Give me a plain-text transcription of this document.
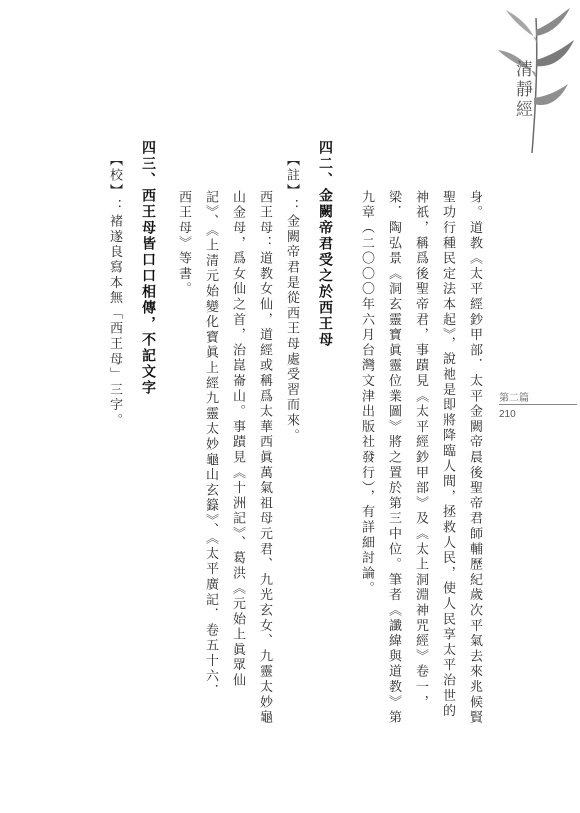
清靜經
第二篇
210
身。道教《太平經鈔甲部．太平金闕帝晨後聖帝君師輔歷紀歲次平氣去來兆候賢
聖功行種民定法本起》，說祂是即將降臨人間，拯救人民，使人民享太平治世的
神祇，稱爲後聖帝君，事蹟見《太平經鈔甲部》及《太上洞淵神咒經》卷一，
梁．陶弘景《洞玄靈寶眞靈位業圖》將之置於第三中位。筆者《讖緯與道教》第
九章（二〇〇〇年六月台灣文津出版社發行），有詳細討論。
四二、金闕帝君受之於西王母
【註】：金闕帝君是從西王母處受習而來。
西王母：道教女仙，道經或稱爲太華西眞萬氣祖母元君、九光玄女、九靈太妙龜
山金母，爲女仙之首，治崑崙山。事蹟見《十洲記》、葛洪《元始上眞眾仙
記》、《上清元始變化寶眞上經九靈太妙龜山玄籙》、《太平廣記．卷五十六．
西王母》等書。
四三、西王母皆口口相傳，不記文字
【校】：褚遂良寫本無「西王母」三字。
